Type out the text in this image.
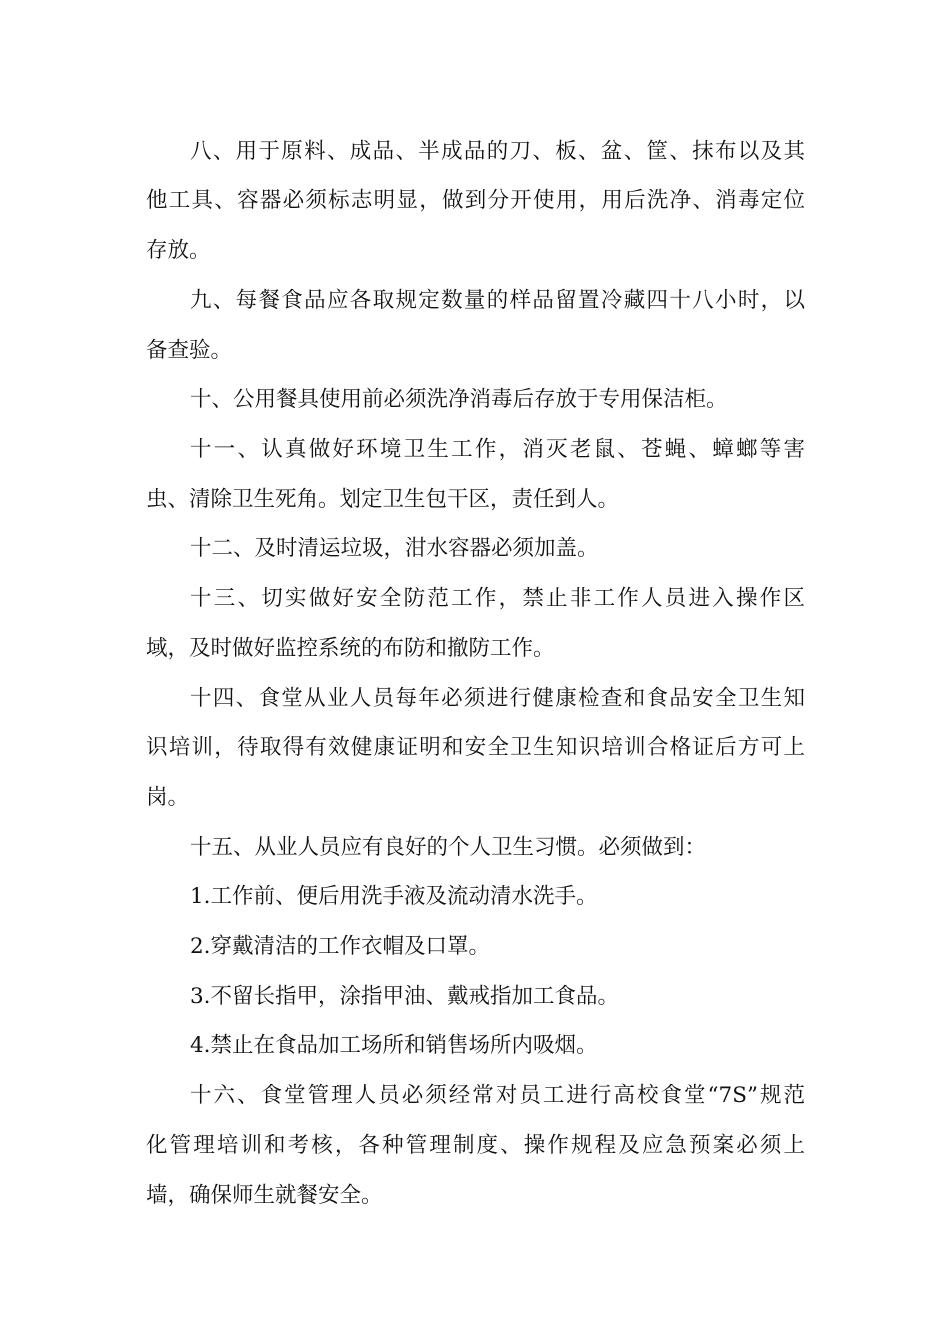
八、用于原料、成品、半成品的刀、板、盆、筐、抹布以及其
他工具、容器必须标志明显，做到分开使用，用后洗净、消毒定位
存放。
九、每餐食品应各取规定数量的样品留置冷藏四十八小时，以
备查验。
十、公用餐具使用前必须洗净消毒后存放于专用保洁柜。
十一、认真做好环境卫生工作，消灭老鼠、苍蝇、蟑螂等害
虫、清除卫生死角。划定卫生包干区，责任到人。
十二、及时清运垃圾，泔水容器必须加盖。
十三、切实做好安全防范工作，禁止非工作人员进入操作区
域，及时做好监控系统的布防和撤防工作。
十四、食堂从业人员每年必须进行健康检查和食品安全卫生知
识培训，待取得有效健康证明和安全卫生知识培训合格证后方可上
岗。
十五、从业人员应有良好的个人卫生习惯。必须做到：
1.工作前、便后用洗手液及流动清水洗手。
2.穿戴清洁的工作衣帽及口罩。
3.不留长指甲，涂指甲油、戴戒指加工食品。
4.禁止在食品加工场所和销售场所内吸烟。
十六、食堂管理人员必须经常对员工进行高校食堂“7S”规范
化管理培训和考核，各种管理制度、操作规程及应急预案必须上
墙，确保师生就餐安全。
